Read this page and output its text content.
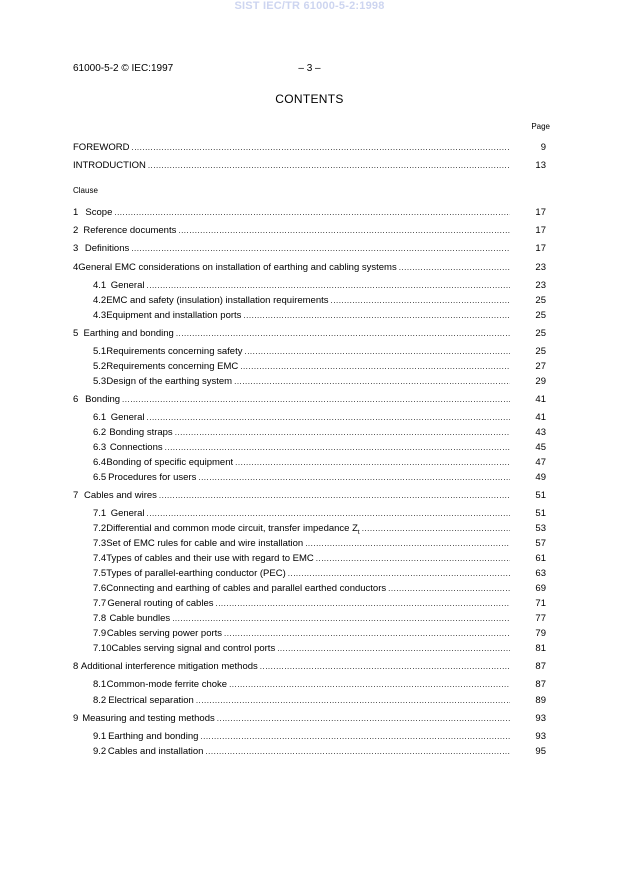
SIST IEC/TR 61000-5-2:1998
61000-5-2 © IEC:1997	– 3 –
CONTENTS
Page
Clause
FOREWORD .....	9
INTRODUCTION .....	13
1 Scope .....	17
2 Reference documents .....	17
3 Definitions .....	17
4 General EMC considerations on installation of earthing and cabling systems .....	23
4.1 General .....	23
4.2 EMC and safety (insulation) installation requirements .....	25
4.3 Equipment and installation ports .....	25
5 Earthing and bonding .....	25
5.1 Requirements concerning safety .....	25
5.2 Requirements concerning EMC .....	27
5.3 Design of the earthing system .....	29
6 Bonding .....	41
6.1 General .....	41
6.2 Bonding straps .....	43
6.3 Connections .....	45
6.4 Bonding of specific equipment .....	47
6.5 Procedures for users .....	49
7 Cables and wires .....	51
7.1 General .....	51
7.2 Differential and common mode circuit, transfer impedance $Z_t$ .....	53
7.3 Set of EMC rules for cable and wire installation .....	57
7.4 Types of cables and their use with regard to EMC .....	61
7.5 Types of parallel-earthing conductor (PEC) .....	63
7.6 Connecting and earthing of cables and parallel earthed conductors .....	69
7.7 General routing of cables .....	71
7.8 Cable bundles .....	77
7.9 Cables serving power ports .....	79
7.10 Cables serving signal and control ports .....	81
8 Additional interference mitigation methods .....	87
8.1 Common-mode ferrite choke .....	87
8.2 Electrical separation .....	89
9 Measuring and testing methods .....	93
9.1 Earthing and bonding .....	93
9.2 Cables and installation .....	95
